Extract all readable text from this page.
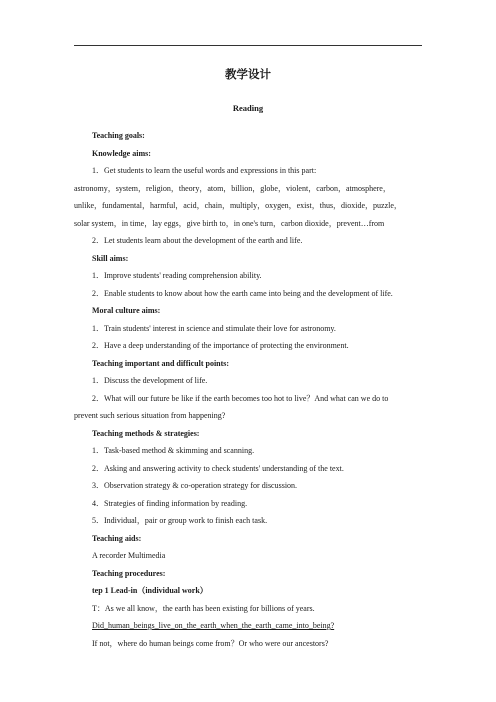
教学设计
Reading

Teaching goals:

Knowledge aims:

1．Get students to learn the useful words and expressions in this part:

astronomy，system，religion，theory，atom，billion，globe，violent，carbon，atmosphere，

unlike，fundamental，harmful，acid，chain，multiply，oxygen，exist，thus，dioxide，puzzle，

solar system，in time，lay eggs，give birth to，in one's turn，carbon dioxide，prevent…from

2．Let students learn about the development of the earth and life.

Skill aims:

1．Improve students' reading comprehension ability.

2．Enable students to know about how the earth came into being and the development of life.

Moral culture aims:

1．Train students' interest in science and stimulate their love for astronomy.

2．Have a deep understanding of the importance of protecting the environment.

Teaching important and difficult points:

1．Discuss the development of life.

2．What will our future be like if the earth becomes too hot to live？And what can we do to

prevent such serious situation from happening?

Teaching methods & strategies:

1．Task-based method & skimming and scanning.

2．Asking and answering activity to check students' understanding of the text.

3．Observation strategy & co-operation strategy for discussion.

4．Strategies of finding information by reading.

5．Individual，pair or group work to finish each task.

Teaching aids:

A recorder Multimedia

Teaching procedures:

tep 1 Lead-in（individual work）

T：As we all know，the earth has been existing for billions of years.

Did_human_beings_live_on_the_earth_when_the_earth_came_into_being?

If not，where do human beings come from？Or who were our ancestors?
